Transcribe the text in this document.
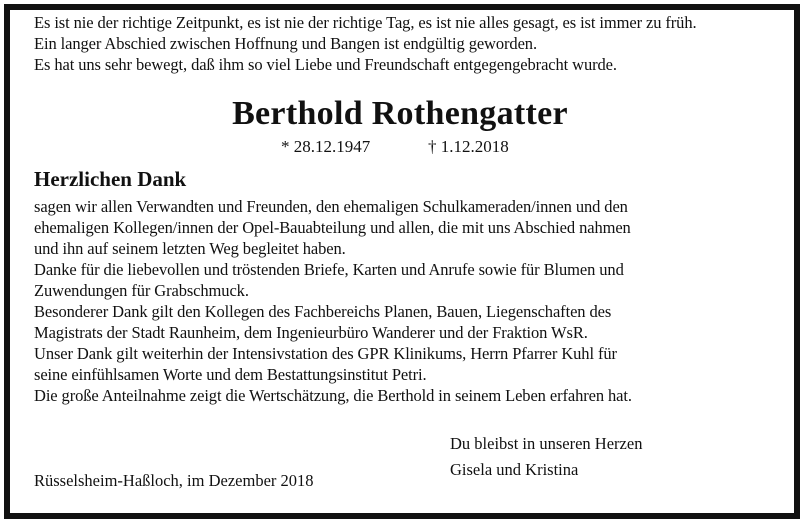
Es ist nie der richtige Zeitpunkt, es ist nie der richtige Tag, es ist nie alles gesagt, es ist immer zu früh.
Ein langer Abschied zwischen Hoffnung und Bangen ist endgültig geworden.
Es hat uns sehr bewegt, daß ihm so viel Liebe und Freundschaft entgegengebracht wurde.
Berthold Rothengatter
* 28.12.1947	† 1.12.2018
Herzlichen Dank
sagen wir allen Verwandten und Freunden, den ehemaligen Schulkameraden/innen und den
ehemaligen Kollegen/innen der Opel-Bauabteilung und allen, die mit uns Abschied nahmen
und ihn auf seinem letzten Weg begleitet haben.
Danke für die liebevollen und tröstenden Briefe, Karten und Anrufe sowie für Blumen und
Zuwendungen für Grabschmuck.
Besonderer Dank gilt den Kollegen des Fachbereichs Planen, Bauen, Liegenschaften des
Magistrats der Stadt Raunheim, dem Ingenieurbüro Wanderer und der Fraktion WsR.
Unser Dank gilt weiterhin der Intensivstation des GPR Klinikums, Herrn Pfarrer Kuhl für
seine einfühlsamen Worte und dem Bestattungsinstitut Petri.
Die große Anteilnahme zeigt die Wertschätzung, die Berthold in seinem Leben erfahren hat.
Du bleibst in unseren Herzen
Gisela und Kristina
Rüsselsheim-Haßloch, im Dezember 2018
